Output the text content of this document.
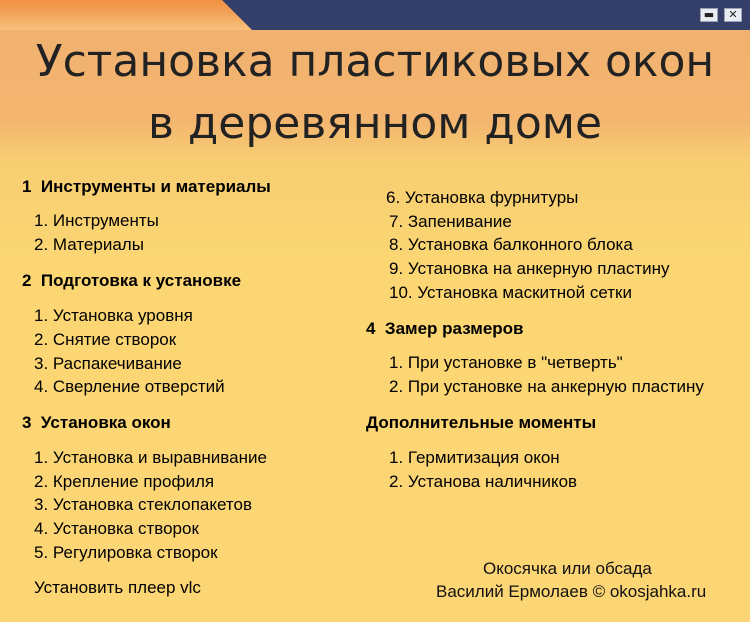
▬	✕
Установка пластиковых окон
в деревянном доме
1 Инструменты и материалы
1. Инструменты
2. Материалы
2 Подготовка к установке
1. Установка уровня
2. Снятие створок
3. Распакечивание
4. Сверление отверстий
3 Установка окон
1. Установка и выравнивание
2. Крепление профиля
3. Установка стеклопакетов
4. Установка створок
5. Регулировка створок
Установить плеер vlc
6. Установка фурнитуры
7. Запенивание
8. Установка балконного блока
9. Установка на анкерную пластину
10. Установка маскитной сетки
4 Замер размеров
1. При установке в "четверть"
2. При установке на анкерную пластину
Дополнительные моменты
1. Гермитизация окон
2. Установа наличников
Окосячка или обсада
Василий Ермолаев © okosjahka.ru
